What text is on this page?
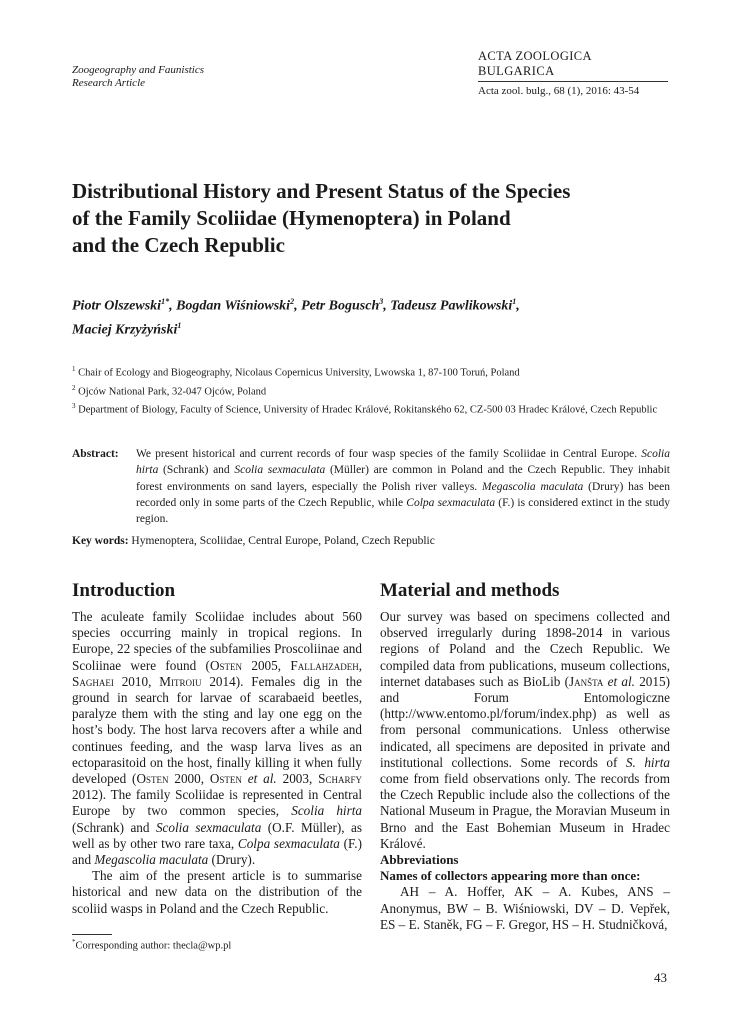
Zoogeography and Faunistics
Research Article
ACTA ZOOLOGICA BULGARICA
Acta zool. bulg., 68 (1), 2016: 43-54
Distributional History and Present Status of the Species
of the Family Scoliidae (Hymenoptera) in Poland
and the Czech Republic
Piotr Olszewski$^{1*}$, Bogdan Wiśniowski$^2$, Petr Bogusch$^3$, Tadeusz Pawlikowski$^1$,
Maciej Krzyżyński$^1$
$^1$ Chair of Ecology and Biogeography, Nicolaus Copernicus University, Lwowska 1, 87-100 Toruń, Poland
$^2$ Ojców National Park, 32-047 Ojców, Poland
$^3$ Department of Biology, Faculty of Science, University of Hradec Králové, Rokitanského 62, CZ-500 03 Hradec Králové, Czech Republic
Abstract:	We present historical and current records of four wasp species of the family Scoliidae in Central Europe. Scolia hirta (Schrank) and Scolia sexmaculata (Müller) are common in Poland and the Czech Republic. They inhabit forest environments on sand layers, especially the Polish river valleys. Megascolia maculata (Drury) has been recorded only in some parts of the Czech Republic, while Colpa sexmaculata (F.) is considered extinct in the study region.
Key words: Hymenoptera, Scoliidae, Central Europe, Poland, Czech Republic
Introduction	Material and methods

The aculeate family Scoliidae includes about 560 species occurring mainly in tropical regions. In Europe, 22 species of the subfamilies Proscoliinae and Scoliinae were found (Osten 2005, Fallahzadeh, Saghaei 2010, Mitroiu 2014). Females dig in the ground in search for larvae of scarabaeid beetles, paralyze them with the sting and lay one egg on the host’s body. The host larva recovers after a while and continues feeding, and the wasp larva lives as an ectoparasitoid on the host, finally killing it when fully developed (Osten 2000, Osten et al. 2003, Scharfy 2012). The family Scoliidae is represented in Central Europe by two common species, Scolia hirta (Schrank) and Scolia sexmaculata (O.F. Müller), as well as by other two rare taxa, Colpa sexmaculata (F.) and Megascolia maculata (Drury).

The aim of the present article is to summarise historical and new data on the distribution of the scoliid wasps in Poland and the Czech Republic.

Our survey was based on specimens collected and observed irregularly during 1898-2014 in various regions of Poland and the Czech Republic. We compiled data from publications, museum collections, internet databases such as BioLib (Janšta et al. 2015) and Forum Entomologiczne (http://www.entomo.pl/forum/index.php) as well as from personal communications. Unless otherwise indicated, all specimens are deposited in private and institutional collections. Some records of S. hirta come from field observations only. The records from the Czech Republic include also the collections of the National Museum in Prague, the Moravian Museum in Brno and the East Bohemian Museum in Hradec Králové.

Abbreviations
Names of collectors appearing more than once:

AH – A. Hoffer, AK – A. Kubes, ANS – Anonymus, BW – B. Wiśniowski, DV – D. Vepřek, ES – E. Staněk, FG – F. Gregor, HS – H. Studničková,

*Corresponding author: thecla@wp.pl
43
